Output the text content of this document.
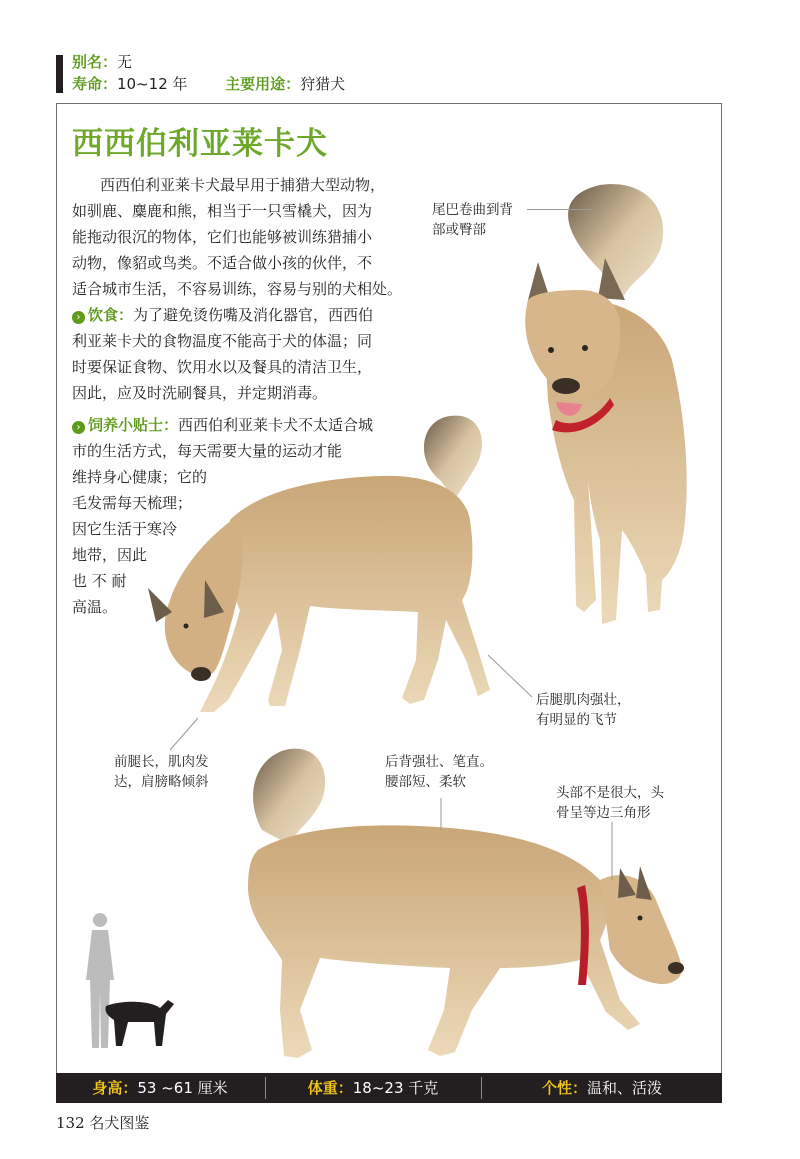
别名：无
寿命：10~12 年	主要用途：狩猎犬
西西伯利亚莱卡犬
西西伯利亚莱卡犬最早用于捕猎大型动物，
如驯鹿、麋鹿和熊，相当于一只雪橇犬，因为
能拖动很沉的物体，它们也能够被训练猎捕小
动物，像貂或鸟类。不适合做小孩的伙伴，不
适合城市生活，不容易训练，容易与别的犬相处。
› 饮食：为了避免烫伤嘴及消化器官，西西伯
利亚莱卡犬的食物温度不能高于犬的体温；同
时要保证食物、饮用水以及餐具的清洁卫生，
因此，应及时洗刷餐具，并定期消毒。
› 饲养小贴士：西西伯利亚莱卡犬不太适合城
市的生活方式，每天需要大量的运动才能
维持身心健康；它的
毛发需每天梳理；
因它生活于寒冷
地带，因此
也 不 耐
高温。
尾巴卷曲到背
部或臀部
后腿肌肉强壮，
有明显的飞节
前腿长，肌肉发
达，肩膀略倾斜
后背强壮、笔直。
腰部短、柔软
头部不是很大，头
骨呈等边三角形
身高：53 ~61 厘米	体重：18~23 千克	个性：温和、活泼
132 名犬图鉴
